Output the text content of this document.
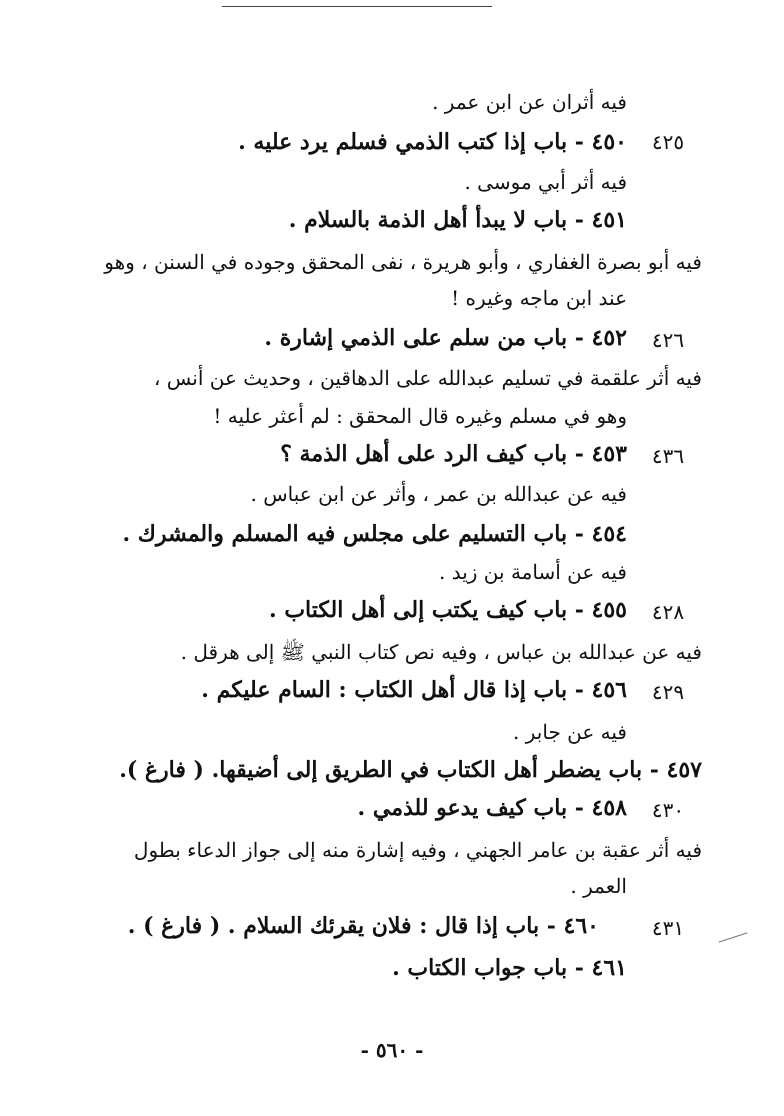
فيه أثران عن ابن عمر .
٤٥٠ - باب إذا كتب الذمي فسلم يرد عليه .	٤٢٥
فيه أثر أبي موسى .
٤٥١ - باب لا يبدأ أهل الذمة بالسلام .
فيه أبو بصرة الغفاري ، وأبو هريرة ، نفى المحقق وجوده في السنن ، وهو
عند ابن ماجه وغيره !
٤٥٢ - باب من سلم على الذمي إشارة .	٤٢٦
فيه أثر علقمة في تسليم عبدالله على الدهاقين ، وحديث عن أنس ،
وهو في مسلم وغيره قال المحقق : لم أعثر عليه !
٤٥٣ - باب كيف الرد على أهل الذمة ؟	٤٣٦
فيه عن عبدالله بن عمر ، وأثر عن ابن عباس .
٤٥٤ - باب التسليم على مجلس فيه المسلم والمشرك .
فيه عن أسامة بن زيد .
٤٥٥ - باب كيف يكتب إلى أهل الكتاب .	٤٢٨
فيه عن عبدالله بن عباس ، وفيه نص كتاب النبي ﷺ إلى هرقل .
٤٥٦ - باب إذا قال أهل الكتاب : السام عليكم .	٤٢٩
فيه عن جابر .
٤٥٧ - باب يضطر أهل الكتاب في الطريق إلى أضيقها. ( فارغ ).
٤٥٨ - باب كيف يدعو للذمي .	٤٣٠
فيه أثر عقبة بن عامر الجهني ، وفيه إشارة منه إلى جواز الدعاء بطول
العمر .
٤٦٠ - باب إذا قال : فلان يقرئك السلام . ( فارغ ) .	٤٣١
٤٦١ - باب جواب الكتاب .
- ٥٦٠ -
